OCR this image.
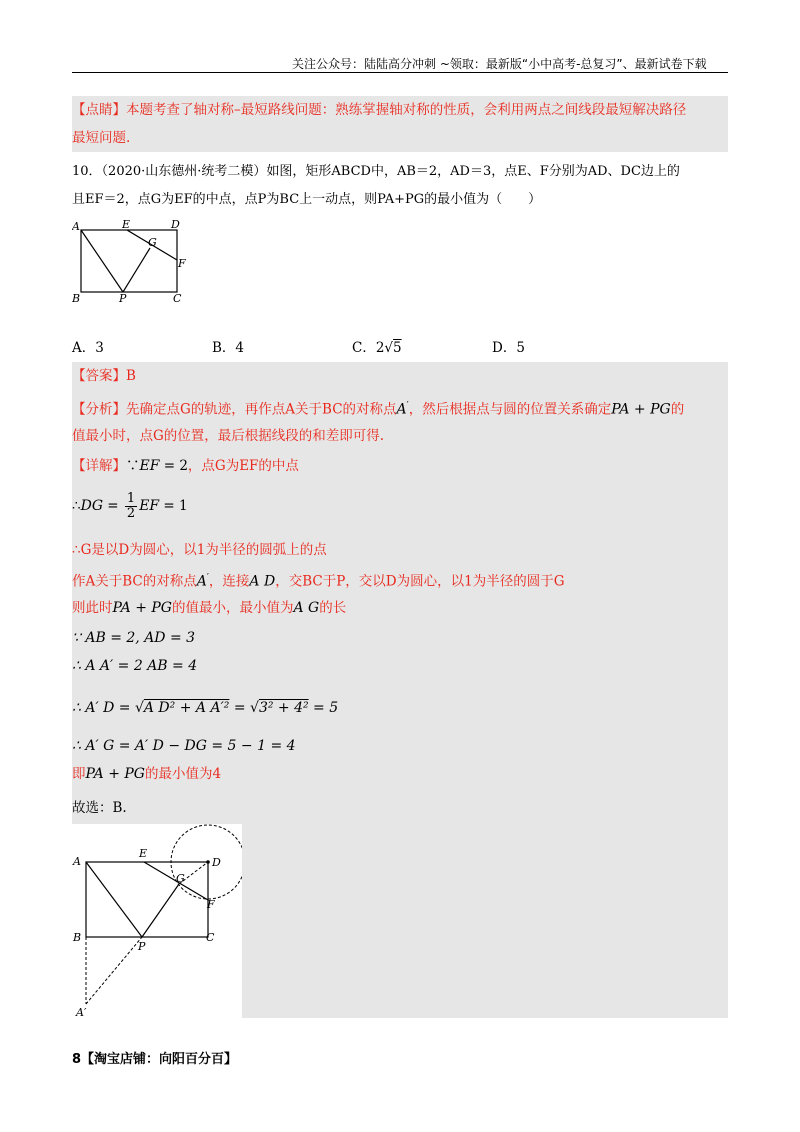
关注公众号：陆陆高分冲刺 ~领取：最新版“小中高考-总复习”、最新试卷下载
【点睛】本题考查了轴对称–最短路线问题：熟练掌握轴对称的性质，会利用两点之间线段最短解决路径
最短问题.
10．（2020·山东德州·统考二模）如图，矩形ABCD中，AB＝2，AD＝3，点E、F分别为AD、DC边上的
且EF＝2，点G为EF的中点，点P为BC上一动点，则PA+PG的最小值为（　　）
A	E	D
G
F
B	P	C
A．3	B．4	C．2√5	D．5
【答案】B
【分析】先确定点G的轨迹，再作点A关于BC的对称点A′，然后根据点与圆的位置关系确定PA + PG的
值最小时，点G的位置，最后根据线段的和差即可得.
【详解】∵EF = 2，点G为EF的中点
∴DG = $\frac{1}{2}$ EF = 1
∴G是以D为圆心，以1为半径的圆弧上的点
作A关于BC的对称点A′，连接A D，交BC于P，交以D为圆心，以1为半径的圆于G
则此时PA + PG的值最小，最小值为A G的长
∵ AB = 2, AD = 3
∴ A A′ = 2 AB = 4
∴ A′ D = √A D² + A A′² = √3² + 4² = 5
∴ A′ G = A′ D − DG = 5 − 1 = 4
即PA + PG的最小值为4
故选：B.
A
E
D
G
F
B
P
C
A′
8【淘宝店铺：向阳百分百】
